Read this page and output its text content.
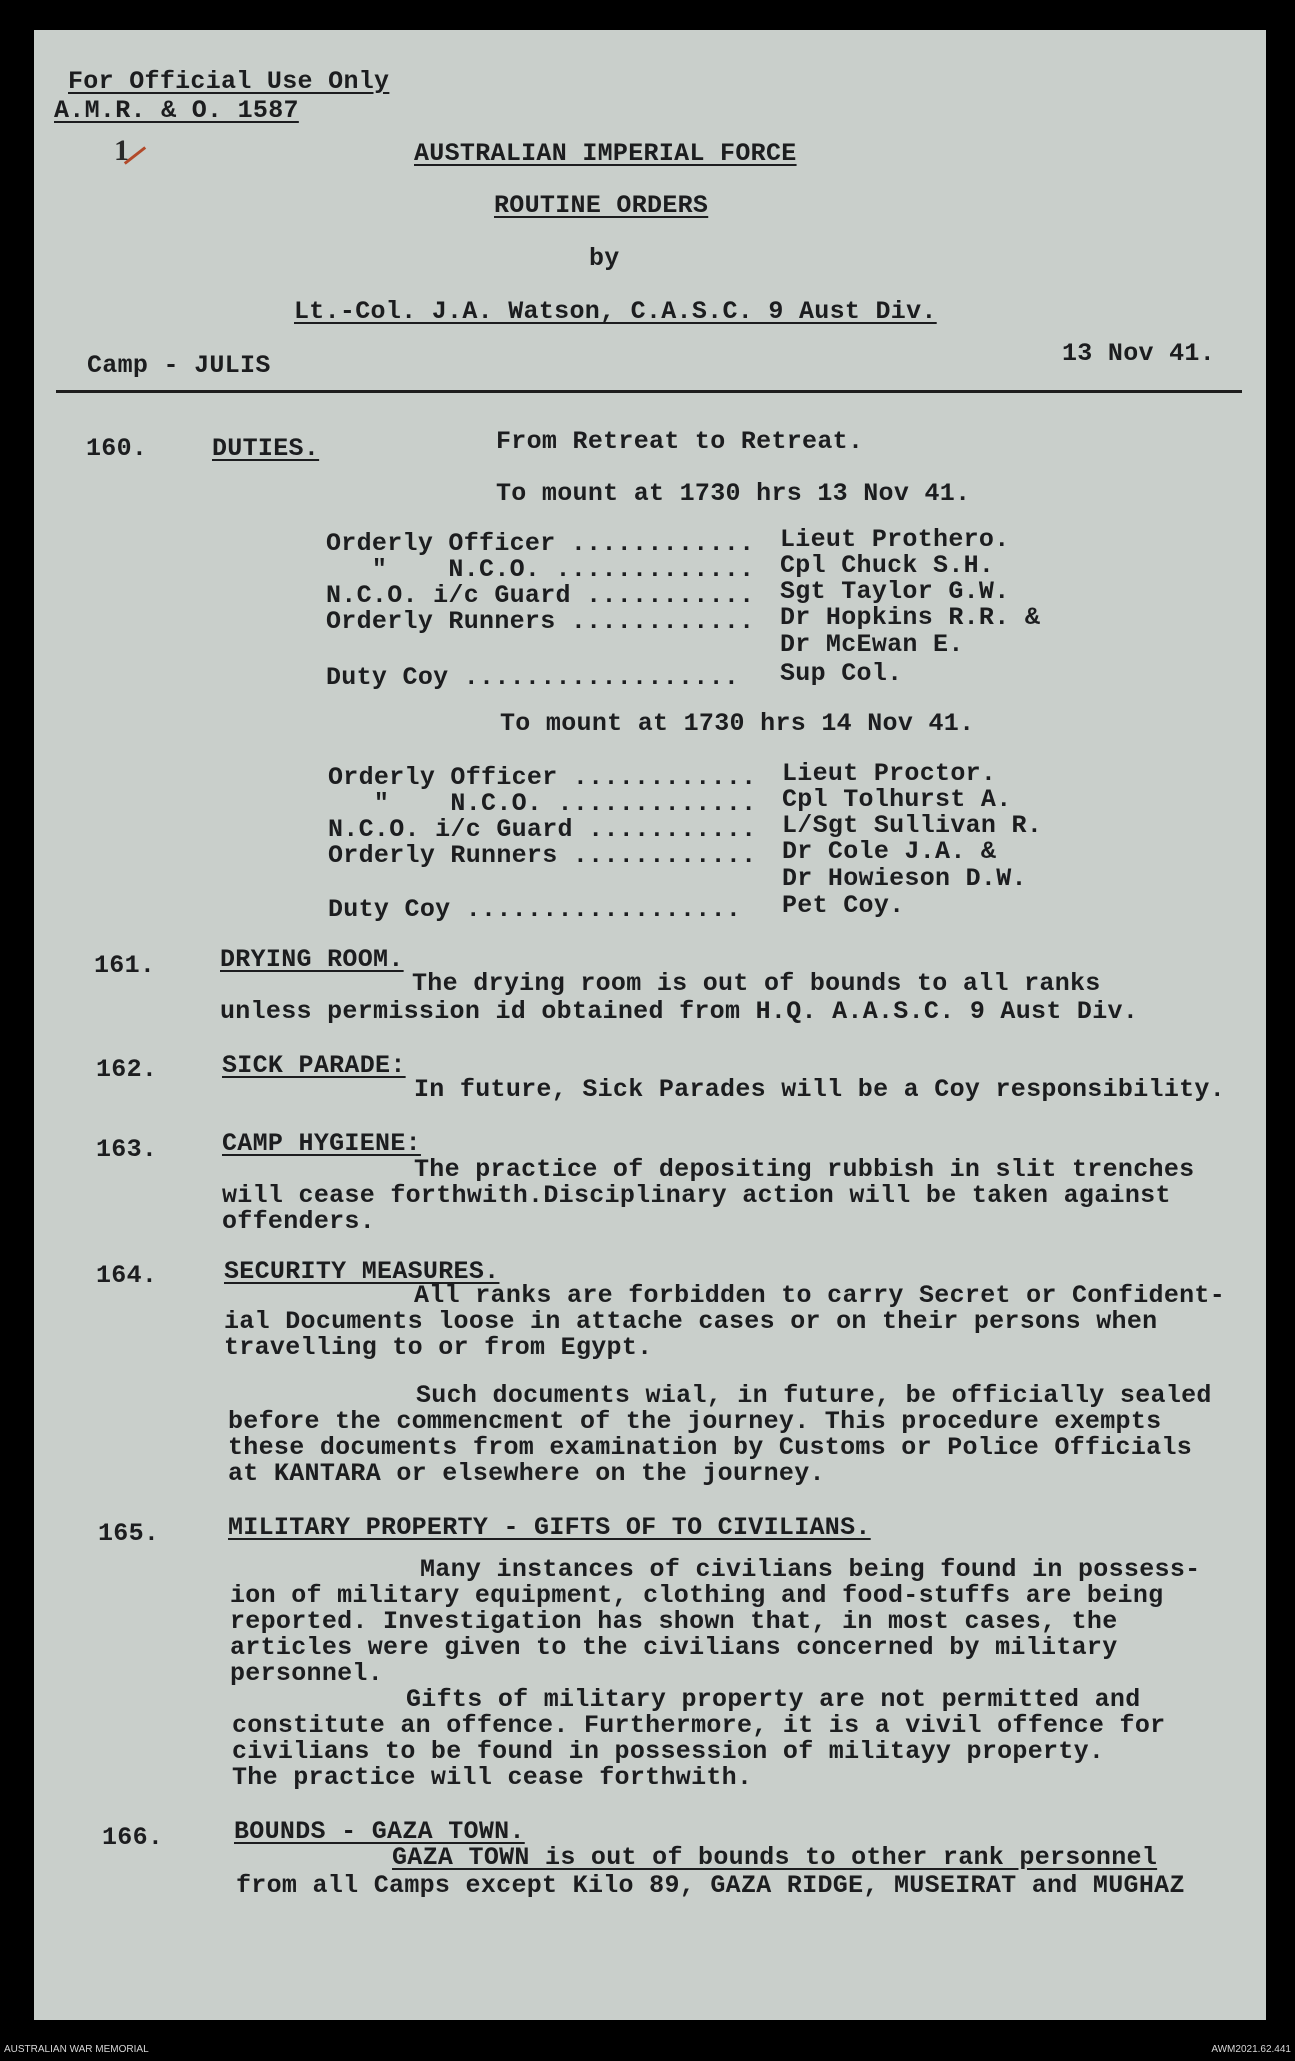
For Official Use Only
A.M.R. & O. 1587
1	AUSTRALIAN IMPERIAL FORCE
ROUTINE ORDERS
by
Lt.-Col. J.A. Watson, C.A.S.C. 9 Aust Div.
Camp - JULIS	13 Nov 41.
160.	DUTIES.	From Retreat to Retreat.
To mount at 1730 hrs 13 Nov 41.
Orderly Officer ............ Lieut Prothero.
"    N.C.O. ............. Cpl Chuck S.H.
N.C.O. i/c Guard ........... Sgt Taylor G.W.
Orderly Runners ............ Dr Hopkins R.R. &
Dr McEwan E.
Duty Coy .................. Sup Col.
To mount at 1730 hrs 14 Nov 41.
Orderly Officer ............ Lieut Proctor.
"    N.C.O. ............. Cpl Tolhurst A.
N.C.O. i/c Guard ........... L/Sgt Sullivan R.
Orderly Runners ............ Dr Cole J.A. &
Dr Howieson D.W.
Duty Coy .................. Pet Coy.
161.	DRYING ROOM.
The drying room is out of bounds to all ranks
unless permission id obtained from H.Q. A.A.S.C. 9 Aust Div.
162.	SICK PARADE:
In future, Sick Parades will be a Coy responsibility.
163.	CAMP HYGIENE:
The practice of depositing rubbish in slit trenches
will cease forthwith.Disciplinary action will be taken against
offenders.
164.	SECURITY MEASURES.
All ranks are forbidden to carry Secret or Confident-
ial Documents loose in attache cases or on their persons when
travelling to or from Egypt.
Such documents wial, in future, be officially sealed
before the commencment of the journey. This procedure exempts
these documents from examination by Customs or Police Officials
at KANTARA or elsewhere on the journey.
165.	MILITARY PROPERTY - GIFTS OF TO CIVILIANS.
Many instances of civilians being found in possess-
ion of military equipment, clothing and food-stuffs are being
reported. Investigation has shown that, in most cases, the
articles were given to the civilians concerned by military
personnel.
Gifts of military property are not permitted and
constitute an offence. Furthermore, it is a vivil offence for
civilians to be found in possession of militayy property.
The practice will cease forthwith.
166.	BOUNDS - GAZA TOWN.
GAZA TOWN is out of bounds to other rank personnel
from all Camps except Kilo 89, GAZA RIDGE, MUSEIRAT and MUGHAZ
AUSTRALIAN WAR MEMORIAL	AWM2021.62.441
